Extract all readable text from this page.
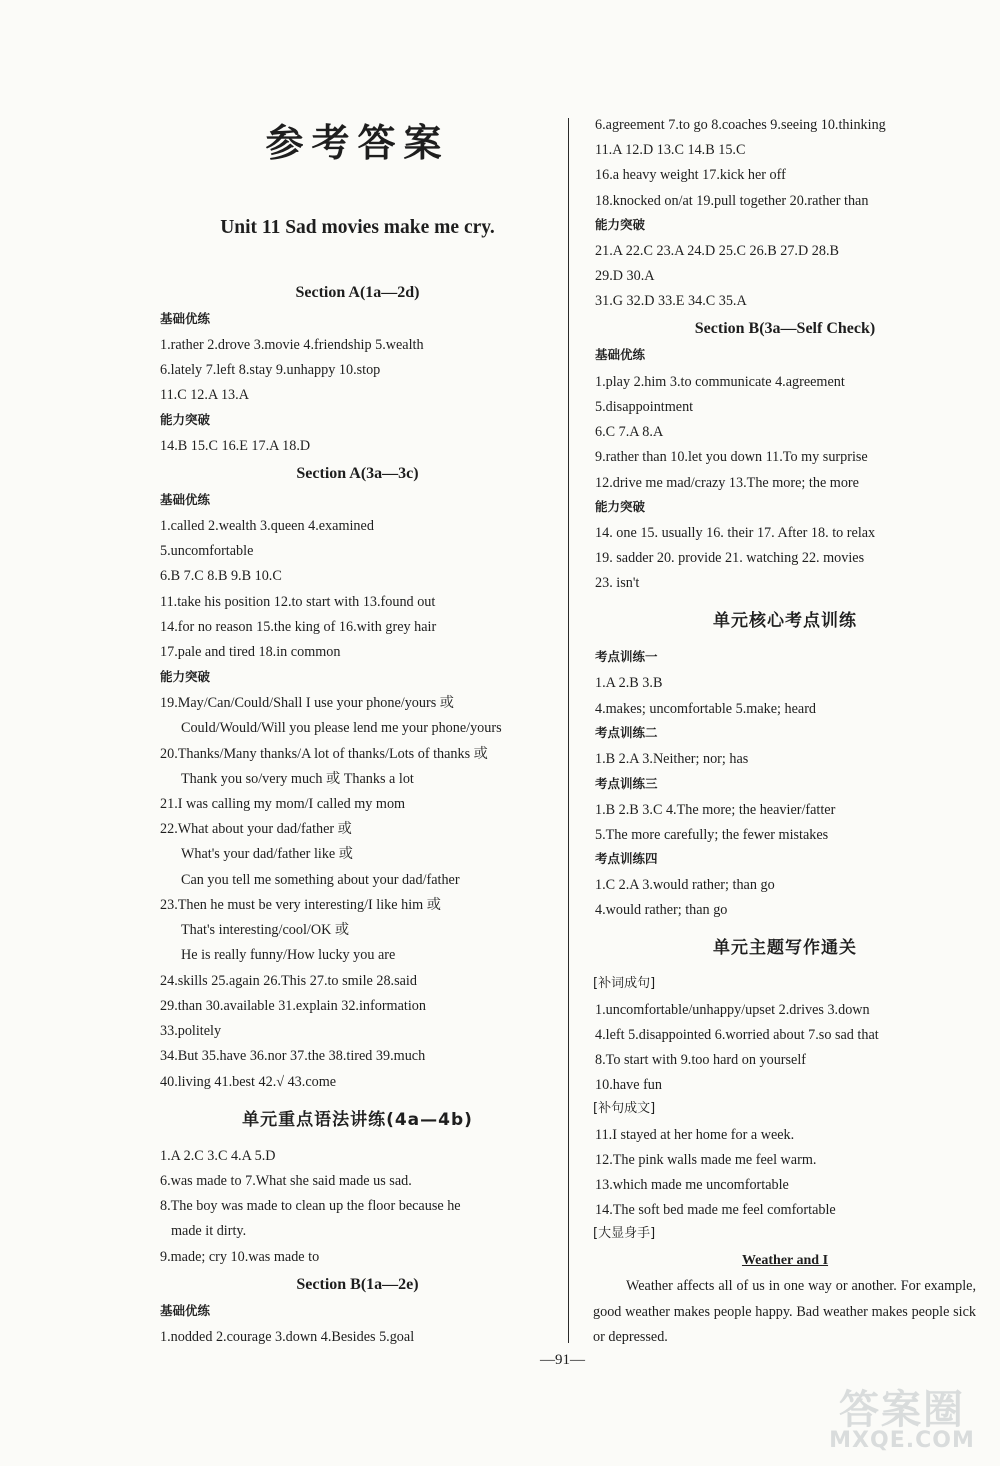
参考答案
Unit 11 Sad movies make me cry.
Section A(1a—2d)
基础优练
1.rather 2.drove 3.movie 4.friendship 5.wealth
6.lately 7.left 8.stay 9.unhappy 10.stop
11.C 12.A 13.A
能力突破
14.B 15.C 16.E 17.A 18.D
Section A(3a—3c)
基础优练
1.called 2.wealth 3.queen 4.examined
5.uncomfortable
6.B 7.C 8.B 9.B 10.C
11.take his position 12.to start with 13.found out
14.for no reason 15.the king of 16.with grey hair
17.pale and tired 18.in common
能力突破
19.May/Can/Could/Shall I use your phone/yours 或
Could/Would/Will you please lend me your phone/yours
20.Thanks/Many thanks/A lot of thanks/Lots of thanks 或
Thank you so/very much 或 Thanks a lot
21.I was calling my mom/I called my mom
22.What about your dad/father 或
What's your dad/father like 或
Can you tell me something about your dad/father
23.Then he must be very interesting/I like him 或
That's interesting/cool/OK 或
He is really funny/How lucky you are
24.skills 25.again 26.This 27.to smile 28.said
29.than 30.available 31.explain 32.information
33.politely
34.But 35.have 36.nor 37.the 38.tired 39.much
40.living 41.best 42.√ 43.come
单元重点语法讲练(4a—4b)
1.A 2.C 3.C 4.A 5.D
6.was made to 7.What she said made us sad.
8.The boy was made to clean up the floor because he
made it dirty.
9.made; cry 10.was made to
Section B(1a—2e)
基础优练
1.nodded 2.courage 3.down 4.Besides 5.goal
6.agreement 7.to go 8.coaches 9.seeing 10.thinking
11.A 12.D 13.C 14.B 15.C
16.a heavy weight 17.kick her off
18.knocked on/at 19.pull together 20.rather than
能力突破
21.A 22.C 23.A 24.D 25.C 26.B 27.D 28.B
29.D 30.A
31.G 32.D 33.E 34.C 35.A
Section B(3a—Self Check)
基础优练
1.play 2.him 3.to communicate 4.agreement
5.disappointment
6.C 7.A 8.A
9.rather than 10.let you down 11.To my surprise
12.drive me mad/crazy 13.The more; the more
能力突破
14. one 15. usually 16. their 17. After 18. to relax
19. sadder 20. provide 21. watching 22. movies
23. isn't
单元核心考点训练
考点训练一
1.A 2.B 3.B
4.makes; uncomfortable 5.make; heard
考点训练二
1.B 2.A 3.Neither; nor; has
考点训练三
1.B 2.B 3.C 4.The more; the heavier/fatter
5.The more carefully; the fewer mistakes
考点训练四
1.C 2.A 3.would rather; than go
4.would rather; than go
单元主题写作通关
[补词成句]
1.uncomfortable/unhappy/upset 2.drives 3.down
4.left 5.disappointed 6.worried about 7.so sad that
8.To start with 9.too hard on yourself
10.have fun
[补句成文]
11.I stayed at her home for a week.
12.The pink walls made me feel warm.
13.which made me uncomfortable
14.The soft bed made me feel comfortable
[大显身手]
Weather and I
Weather affects all of us in one way or another. For example, good weather makes people happy. Bad weather makes people sick or depressed.
—91—
答案圈
MXQE.COM
